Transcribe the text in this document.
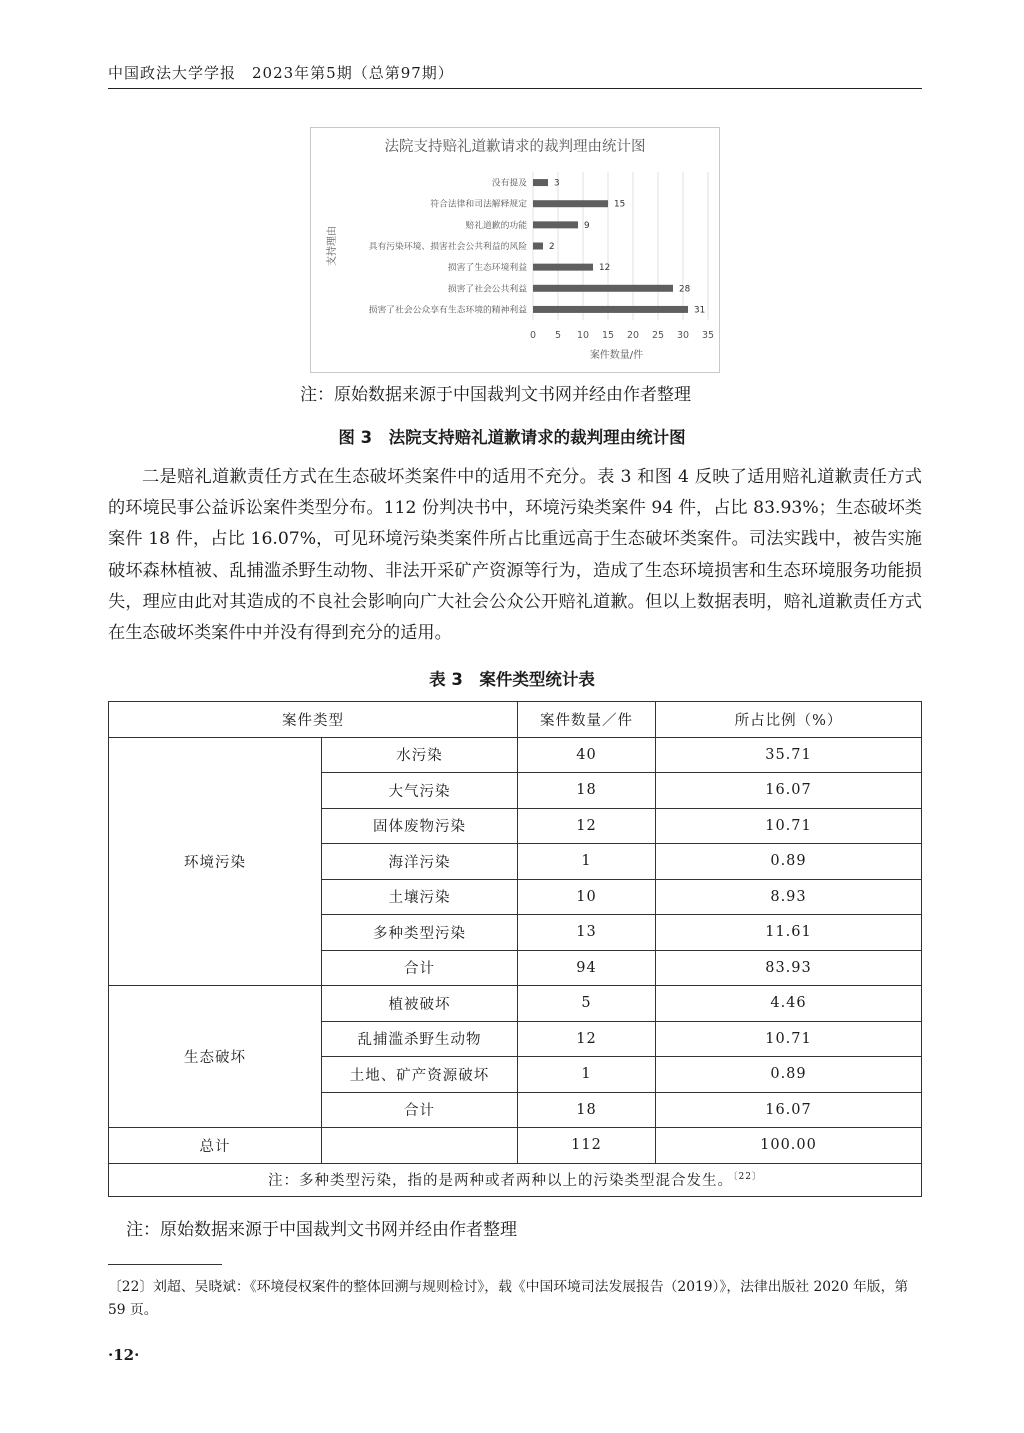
中国政法大学学报　2023年第5期（总第97期）
法院支持赔礼道歉请求的裁判理由统计图
0 5 10 15 20 25 30 35
没有提及	3
符合法律和司法解释规定	15
赔礼道歉的功能	9
具有污染环境、损害社会公共利益的风险	2
损害了生态环境利益	12
损害了社会公共利益	28
损害了社会公众享有生态环境的精神利益	31
案件数量/件
支持理由
注：原始数据来源于中国裁判文书网并经由作者整理
图 3　法院支持赔礼道歉请求的裁判理由统计图
二是赔礼道歉责任方式在生态破坏类案件中的适用不充分。表 3 和图 4 反映了适用赔礼道歉责任方式的环境民事公益诉讼案件类型分布。112 份判决书中，环境污染类案件 94 件，占比 83.93%；生态破坏类案件 18 件，占比 16.07%，可见环境污染类案件所占比重远高于生态破坏类案件。司法实践中，被告实施破坏森林植被、乱捕滥杀野生动物、非法开采矿产资源等行为，造成了生态环境损害和生态环境服务功能损失，理应由此对其造成的不良社会影响向广大社会公众公开赔礼道歉。但以上数据表明，赔礼道歉责任方式在生态破坏类案件中并没有得到充分的适用。
表 3　案件类型统计表
案件类型		案件数量／件	所占比例（%）
环境污染	水污染	40	35.71
	大气污染	18	16.07
	固体废物污染	12	10.71
	海洋污染	1	0.89
	土壤污染	10	8.93
	多种类型污染	13	11.61
	合计	94	83.93
生态破坏	植被破坏	5	4.46
	乱捕滥杀野生动物	12	10.71
	土地、矿产资源破坏	1	0.89
	合计	18	16.07
总计		112	100.00
注：多种类型污染，指的是两种或者两种以上的污染类型混合发生。$^{〔22〕}$
注：原始数据来源于中国裁判文书网并经由作者整理
〔22〕刘超、吴晓斌：《环境侵权案件的整体回溯与规则检讨》，载《中国环境司法发展报告（2019）》，法律出版社 2020 年版，第 59 页。
·12·
